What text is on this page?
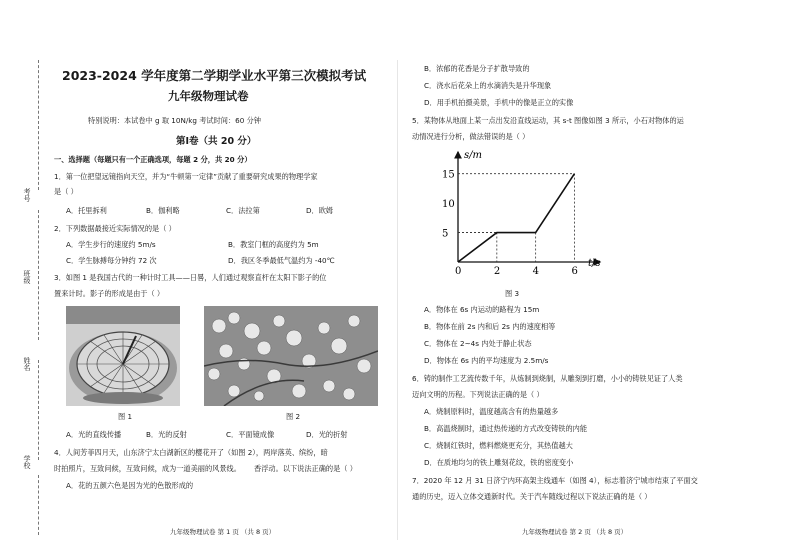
考号
班级
姓名
学校
2023-2024 学年度第二学期学业水平第三次模拟考试
九年级物理试卷
特别说明：本试卷中 g 取 10N/kg 考试时间：60 分钟
第Ⅰ卷（共 20 分）
一、选择题（每题只有一个正确选项，每题 2 分，共 20 分）
1．第一位把望远镜指向天空，并为“牛顿第一定律”贡献了重要研究成果的物理学家
是（ ）
A．托里拆利	B．伽利略	C．法拉第	D．欧姆
2．下列数据最接近实际情况的是（ ）
A．学生步行的速度约 5m/s	B．教室门框的高度约为 5m
C．学生脉搏每分钟约 72 次	D．我区冬季最低气温约为 -40℃
3．如图 1 是我国古代的一种计时工具——日晷，人们通过观察直杆在太阳下影子的位
置来计时。影子的形成是由于（ ）
图 1	图 2
A．光的直线传播	B．光的反射	C．平面镜成像	D．光的折射
4．人间芳菲四月天，山东济宁太白湖新区的樱花开了（如图 2），两岸落英、缤纷，暗
时拍照片，互致问候，互致问候，成为一道美丽的风景线。 香浮动。以下说法正确的是（ ）
A．花的五颜六色是因为光的色散形成的
九年级物理试卷 第 1 页 （共 8 页）
B．浓郁的花香是分子扩散导致的
C．浇水后花朵上的水滴消失是升华现象
D．用手机拍摄美景，手机中的像是正立的实像
5．某物体从地面上某一点出发沿直线运动，其 s-t 图像如图 3 所示，小石对物体的运
动情况进行分析，做法错误的是（ ）
s/m
t/s
0	2	4	6
5
10
15
图 3
A．物体在 6s 内运动的路程为 15m
B．物体在前 2s 内和后 2s 内的速度相等
C．物体在 2~4s 内处于静止状态
D．物体在 6s 内的平均速度为 2.5m/s
6．铸的制作工艺流传数千年，从炼制到烧制，从雕刻到打磨，小小的铸铁见证了人类
迈向文明的历程。下列说法正确的是（ ）
A．烧制原料时，温度越高含有的热量越多
B．高温烧制时，通过热传递的方式改变铸铁的内能
C．烧制红铁时，燃料燃烧更充分，其热值越大
D．在质地均匀的铁上雕刻花纹，铁的密度变小
7．2020 年 12 月 31 日济宁内环高架主线通车（如图 4），标志着济宁城市结束了平面交
通的历史，迈入立体交通新时代。关于汽车随线过程以下说法正确的是（ ）
九年级物理试卷 第 2 页 （共 8 页）
